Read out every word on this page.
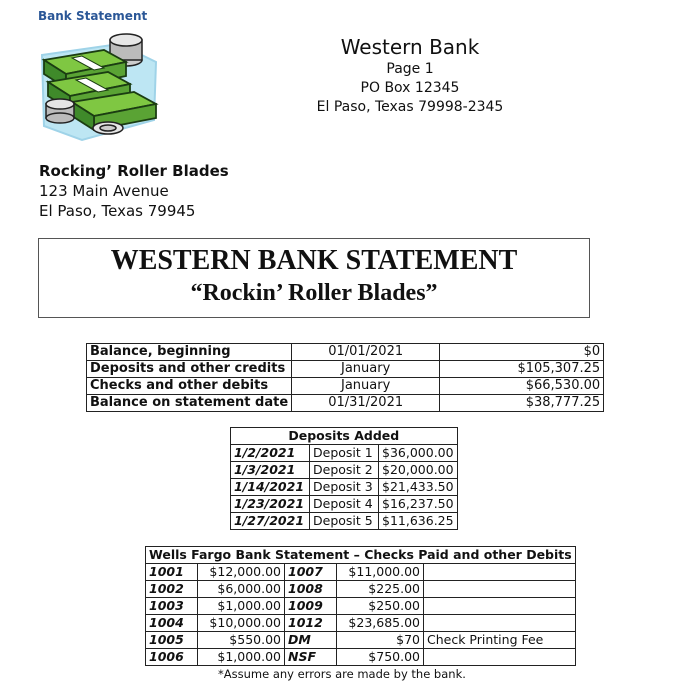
Bank Statement
Western Bank
Page 1
PO Box 12345
El Paso, Texas 79998-2345
Rocking’ Roller Blades
123 Main Avenue
El Paso, Texas 79945
WESTERN BANK STATEMENT
“Rockin’ Roller Blades”
Balance, beginning	01/01/2021	$0
Deposits and other credits	January	$105,307.25
Checks and other debits	January	$66,530.00
Balance on statement date	01/31/2021	$38,777.25
Deposits Added		
1/2/2021	Deposit 1	$36,000.00
1/3/2021	Deposit 2	$20,000.00
1/14/2021	Deposit 3	$21,433.50
1/23/2021	Deposit 4	$16,237.50
1/27/2021	Deposit 5	$11,636.25
Wells Fargo Bank Statement – Checks Paid and other Debits				
1001	$12,000.00	1007	$11,000.00	
1002	$6,000.00	1008	$225.00	
1003	$1,000.00	1009	$250.00	
1004	$10,000.00	1012	$23,685.00	
1005	$550.00	DM	$70	Check Printing Fee
1006	$1,000.00	NSF	$750.00	
*Assume any errors are made by the bank.
